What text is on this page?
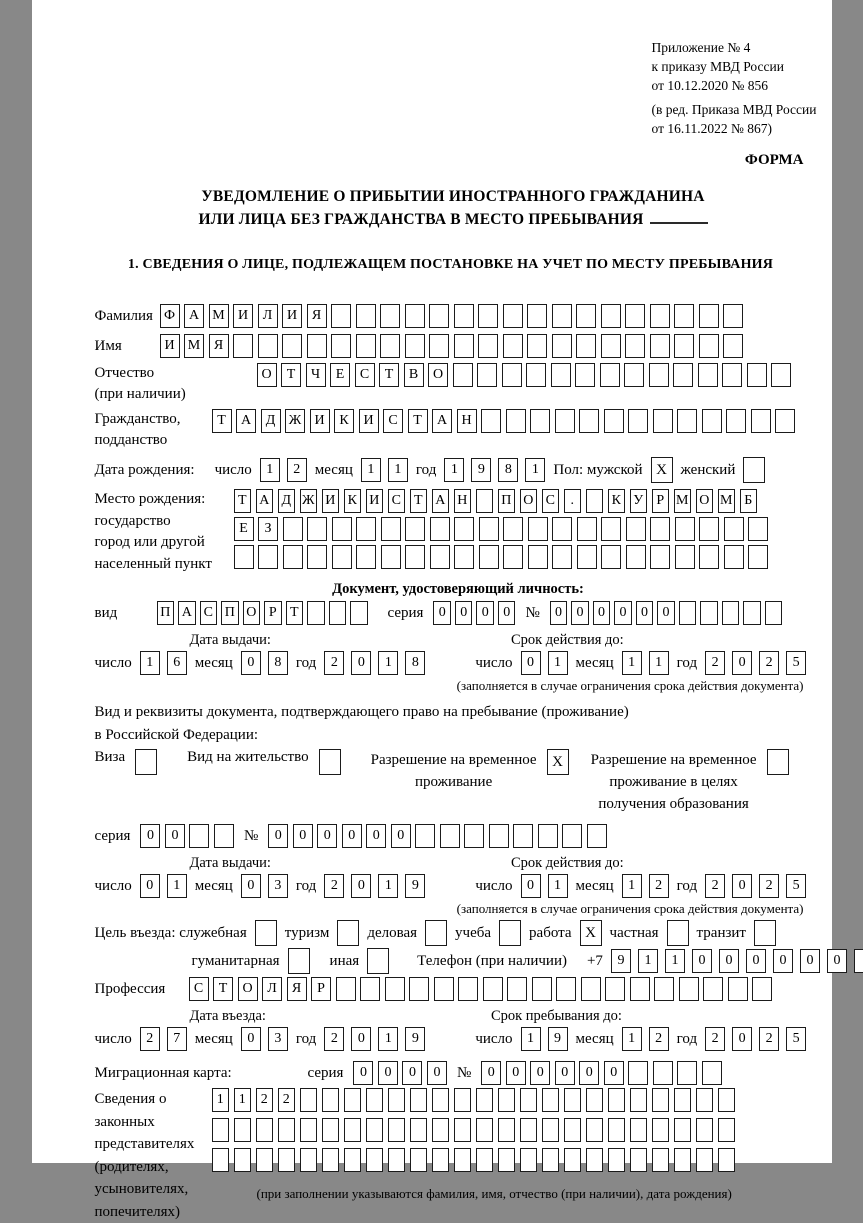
Приложение № 4
к приказу МВД России
от 10.12.2020 № 856
(в ред. Приказа МВД России
от 16.11.2022 № 867)
ФОРМА
УВЕДОМЛЕНИЕ О ПРИБЫТИИ ИНОСТРАННОГО ГРАЖДАНИНА
ИЛИ ЛИЦА БЕЗ ГРАЖДАНСТВА В МЕСТО ПРЕБЫВАНИЯ
1. СВЕДЕНИЯ О ЛИЦЕ, ПОДЛЕЖАЩЕМ ПОСТАНОВКЕ НА УЧЕТ ПО МЕСТУ ПРЕБЫВАНИЯ
Фамилия Ф А М И	Л	И	Я
Имя	И М Я
Отчество
(при наличии)
О	Т	Ч	Е	С	Т	В	О
Гражданство,
подданство
Т	А	Д Ж И	К	И	С	Т	А	Н
Дата рождения: число	1	2 месяц	1	1 год	1	9	8	1 Пол: мужской X женский
Место рождения:
государство
город или другой
населенный пункт
Т А Д Ж И К И С Т А Н П О С	.	К У Р М О М Б
Е	З
Документ, удостоверяющий личность:
вид	П А С П О Р Т	серия	0	0	0	0	№	0	0	0	0	0	0
Дата выдачи:	Срок действия до:
число	1	6 месяц	0	8 год	2	0	1	8	число	0	1 месяц	1	1 год	2	0	2	5
(заполняется в случае ограничения срока действия документа)
Вид и реквизиты документа, подтверждающего право на пребывание (проживание)
в Российской Федерации:
Виза	Вид на жительство	Разрешение на временное
проживание
X	Разрешение на временное
проживание в целях
получения образования
серия	0	0	№	0	0	0	0	0	0
Дата выдачи:	Срок действия до:
число	0	1 месяц	0	3 год	2	0	1	9	число	0	1 месяц	1	2 год	2	0	2	5
(заполняется в случае ограничения срока действия документа)
Цель въезда: служебная	туризм	деловая	учеба	работа X частная	транзит
гуманитарная	иная	Телефон (при наличии) +7	9	1	1	0	0	0	0	0	0
Профессия	С	Т	О	Л	Я	Р
Дата въезда:	Срок пребывания до:
число	2	7 месяц	0	3 год	2	0	1	9	число	1	9 месяц	1	2 год	2	0	2	5
Миграционная карта:	серия	0	0	0	0	№	0	0	0	0	0	0
Сведения о
законных
представителях
(родителях,
усыновителях,
попечителях)
1	1	2	2
(при заполнении указываются фамилия, имя, отчество (при наличии), дата рождения)
